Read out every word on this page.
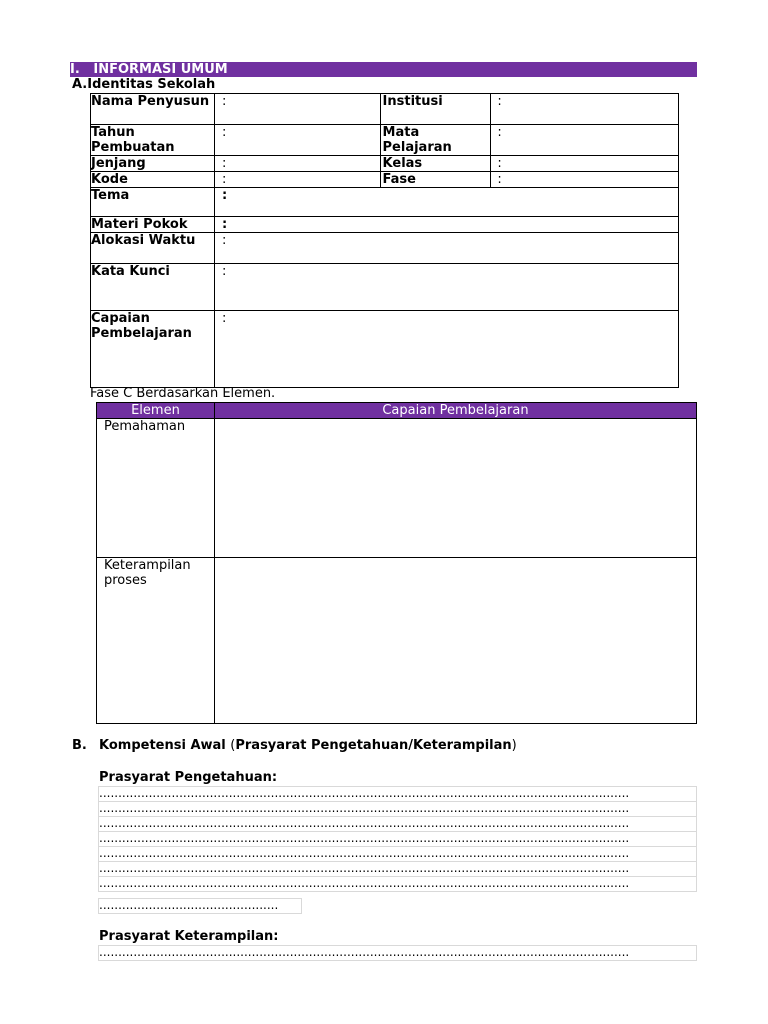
I. INFORMASI UMUM
A.Identitas Sekolah
Nama Penyusun	:	Institusi	:
Tahun Pembuatan	:	Mata Pelajaran	:
Jenjang	:	Kelas	:
Kode	:	Fase	:
Tema	:		
Materi Pokok	:		
Alokasi Waktu	:		
Kata Kunci	:		
Capaian Pembelajaran	:		
Fase C Berdasarkan Elemen.
Elemen	Capaian Pembelajaran
Pemahaman	
Keterampilan proses	
B. Kompetensi Awal (Prasyarat Pengetahuan/Keterampilan)
Prasyarat Pengetahuan:
...........................................................................................................................................
...........................................................................................................................................
...........................................................................................................................................
...........................................................................................................................................
...........................................................................................................................................
...........................................................................................................................................
...........................................................................................................................................
...............................................
Prasyarat Keterampilan:
...........................................................................................................................................
